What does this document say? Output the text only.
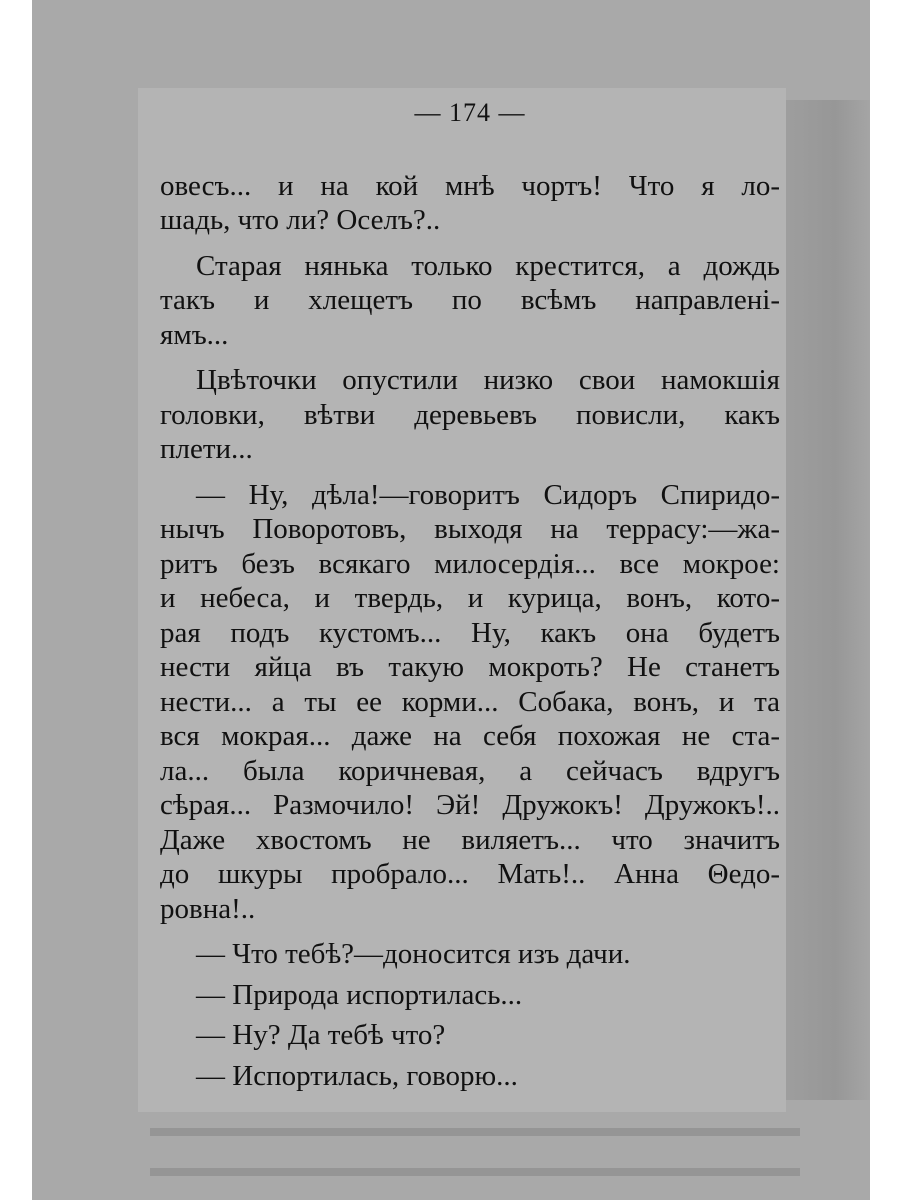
— 174 —
овесъ... и на кой мнѣ чортъ! Что я ло-
шадь, что ли? Оселъ?..
Старая нянька только крестится, а дождь
такъ и хлещетъ по всѣмъ направлені-
ямъ...
Цвѣточки опустили низко свои намокшія
головки, вѣтви деревьевъ повисли, какъ
плети...
— Ну, дѣла!—говоритъ Сидоръ Спиридо-
нычъ Поворотовъ, выходя на террасу:—жа-
ритъ безъ всякаго милосердія... все мокрое:
и небеса, и твердь, и курица, вонъ, кото-
рая подъ кустомъ... Ну, какъ она будетъ
нести яйца въ такую мокроть? Не станетъ
нести... а ты ее корми... Собака, вонъ, и та
вся мокрая... даже на себя похожая не ста-
ла... была коричневая, а сейчасъ вдругъ
сѣрая... Размочило! Эй! Дружокъ! Дружокъ!..
Даже хвостомъ не виляетъ... что значитъ
до шкуры пробрало... Мать!.. Анна Θедо-
ровна!..
— Что тебѣ?—доносится изъ дачи.
— Природа испортилась...
— Ну? Да тебѣ что?
— Испортилась, говорю...
